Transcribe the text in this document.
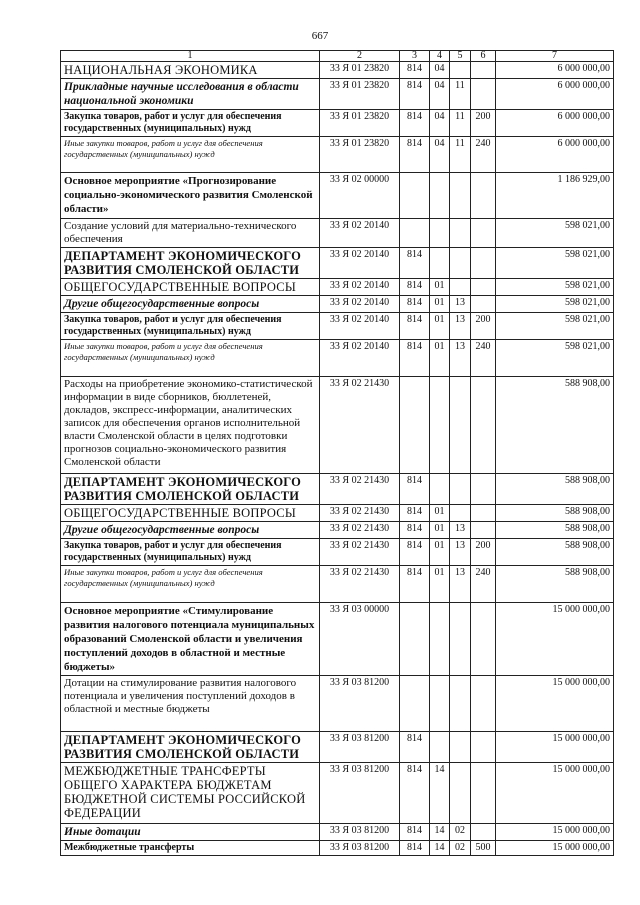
667
1	2	3	4	5	6	7
НАЦИОНАЛЬНАЯ ЭКОНОМИКА	33 Я 01 23820	814	04			6 000 000,00
Прикладные научные исследования в области национальной экономики	33 Я 01 23820	814	04	11		6 000 000,00
Закупка товаров, работ и услуг для обеспечения государственных (муниципальных) нужд	33 Я 01 23820	814	04	11	200	6 000 000,00
Иные закупки товаров, работ и услуг для обеспечения государственных (муниципальных) нужд	33 Я 01 23820	814	04	11	240	6 000 000,00
Основное мероприятие «Прогнозирование социально-экономического развития Смоленской области»	33 Я 02 00000					1 186 929,00
Создание условий для материально-технического обеспечения	33 Я 02 20140					598 021,00
ДЕПАРТАМЕНТ ЭКОНОМИЧЕСКОГО РАЗВИТИЯ СМОЛЕНСКОЙ ОБЛАСТИ	33 Я 02 20140	814				598 021,00
ОБЩЕГОСУДАРСТВЕННЫЕ ВОПРОСЫ	33 Я 02 20140	814	01			598 021,00
Другие общегосударственные вопросы	33 Я 02 20140	814	01	13		598 021,00
Закупка товаров, работ и услуг для обеспечения государственных (муниципальных) нужд	33 Я 02 20140	814	01	13	200	598 021,00
Иные закупки товаров, работ и услуг для обеспечения государственных (муниципальных) нужд	33 Я 02 20140	814	01	13	240	598 021,00
Расходы на приобретение экономико-статистической информации в виде сборников, бюллетеней, докладов, экспресс-информации, аналитических записок для обеспечения органов исполнительной власти Смоленской области в целях подготовки прогнозов социально-экономического развития Смоленской области	33 Я 02 21430					588 908,00
ДЕПАРТАМЕНТ ЭКОНОМИЧЕСКОГО РАЗВИТИЯ СМОЛЕНСКОЙ ОБЛАСТИ	33 Я 02 21430	814				588 908,00
ОБЩЕГОСУДАРСТВЕННЫЕ ВОПРОСЫ	33 Я 02 21430	814	01			588 908,00
Другие общегосударственные вопросы	33 Я 02 21430	814	01	13		588 908,00
Закупка товаров, работ и услуг для обеспечения государственных (муниципальных) нужд	33 Я 02 21430	814	01	13	200	588 908,00
Иные закупки товаров, работ и услуг для обеспечения государственных (муниципальных) нужд	33 Я 02 21430	814	01	13	240	588 908,00
Основное мероприятие «Стимулирование развития налогового потенциала муниципальных образований Смоленской области и увеличения поступлений доходов в областной и местные бюджеты»	33 Я 03 00000					15 000 000,00
Дотации на стимулирование развития налогового потенциала и увеличения поступлений доходов в областной и местные бюджеты	33 Я 03 81200					15 000 000,00
ДЕПАРТАМЕНТ ЭКОНОМИЧЕСКОГО РАЗВИТИЯ СМОЛЕНСКОЙ ОБЛАСТИ	33 Я 03 81200	814				15 000 000,00
МЕЖБЮДЖЕТНЫЕ ТРАНСФЕРТЫ ОБЩЕГО ХАРАКТЕРА БЮДЖЕТАМ БЮДЖЕТНОЙ СИСТЕМЫ РОССИЙСКОЙ ФЕДЕРАЦИИ	33 Я 03 81200	814	14			15 000 000,00
Иные дотации	33 Я 03 81200	814	14	02		15 000 000,00
Межбюджетные трансферты	33 Я 03 81200	814	14	02	500	15 000 000,00
